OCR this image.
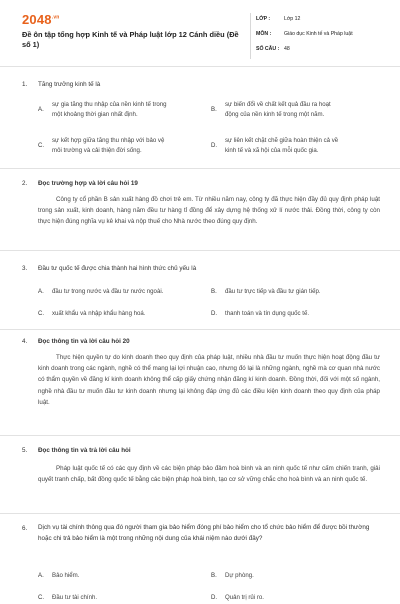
$2048^{.vn}$
Đề ôn tập tổng hợp Kinh tế và Pháp luật lớp 12 Cánh diều (Đề số 1)
LỚP :	Lớp 12
MÔN : Giáo dục Kinh tế và Pháp luật
SỐ CÂU : 48
1. Tăng trưởng kinh tế là
A.
sự gia tăng thu nhập của nền kinh tế trong
một khoảng thời gian nhất định.
B.
sự biến đổi về chất kết quả đầu ra hoạt
động của nền kinh tế trong một năm.
C.
sự kết hợp giữa tăng thu nhập với bảo vệ
môi trường và cải thiện đời sống.
D.
sự liên kết chặt chẽ giữa hoàn thiện cả về
kinh tế và xã hội của mỗi quốc gia.
2. Đọc trường hợp và lời câu hỏi 19
Công ty cổ phần B sản xuất hàng đồ chơi trẻ em. Từ nhiều năm nay, công ty đã thực hiện đầy đủ quy định pháp luật trong sản xuất, kinh doanh, hàng năm đều tư hàng tỉ đồng để xây dựng hệ thống xử lí nước thải. Đồng thời, công ty còn thực hiện đúng nghĩa vụ kê khai và nộp thuế cho Nhà nước theo đúng quy định.
3. Đầu tư quốc tế được chia thành hai hình thức chủ yếu là
A. đầu tư trong nước và đầu tư nước ngoài.	B. đầu tư trực tiếp và đầu tư gián tiếp.
C. xuất khẩu và nhập khẩu hàng hoá.	D. thanh toán và tín dụng quốc tế.
4. Đọc thông tin và lời câu hỏi 20
Thực hiện quyền tự do kinh doanh theo quy định của pháp luật, nhiều nhà đầu tư muốn thực hiện hoạt động đầu tư kinh doanh trong các ngành, nghề có thể mang lại lợi nhuận cao, nhưng đó lại là những ngành, nghề mà cơ quan nhà nước có thẩm quyền về đăng kí kinh doanh không thể cấp giấy chứng nhận đăng kí kinh doanh. Đồng thời, đối với một số ngành, nghề nhà đầu tư muốn đầu tư kinh doanh nhưng lại không đáp ứng đủ các điều kiện kinh doanh theo quy định của pháp luật.
5. Đọc thông tin và trả lời câu hỏi
Pháp luật quốc tế có các quy định về các biện pháp bảo đảm hoà bình và an ninh quốc tế như cấm chiến tranh, giải quyết tranh chấp, bất đồng quốc tế bằng các biện pháp hoà bình, tạo cơ sở vững chắc cho hoà bình và an ninh quốc tế.
6. Dịch vụ tài chính thông qua đó người tham gia bảo hiểm đóng phí bảo hiểm cho tổ chức bảo hiểm để được bồi thường hoặc chi trả bảo hiểm là một trong những nội dung của khái niệm nào dưới đây?
A. Bảo hiểm.	B. Dự phòng.
C. Đầu tư tài chính.	D. Quản trị rủi ro.
